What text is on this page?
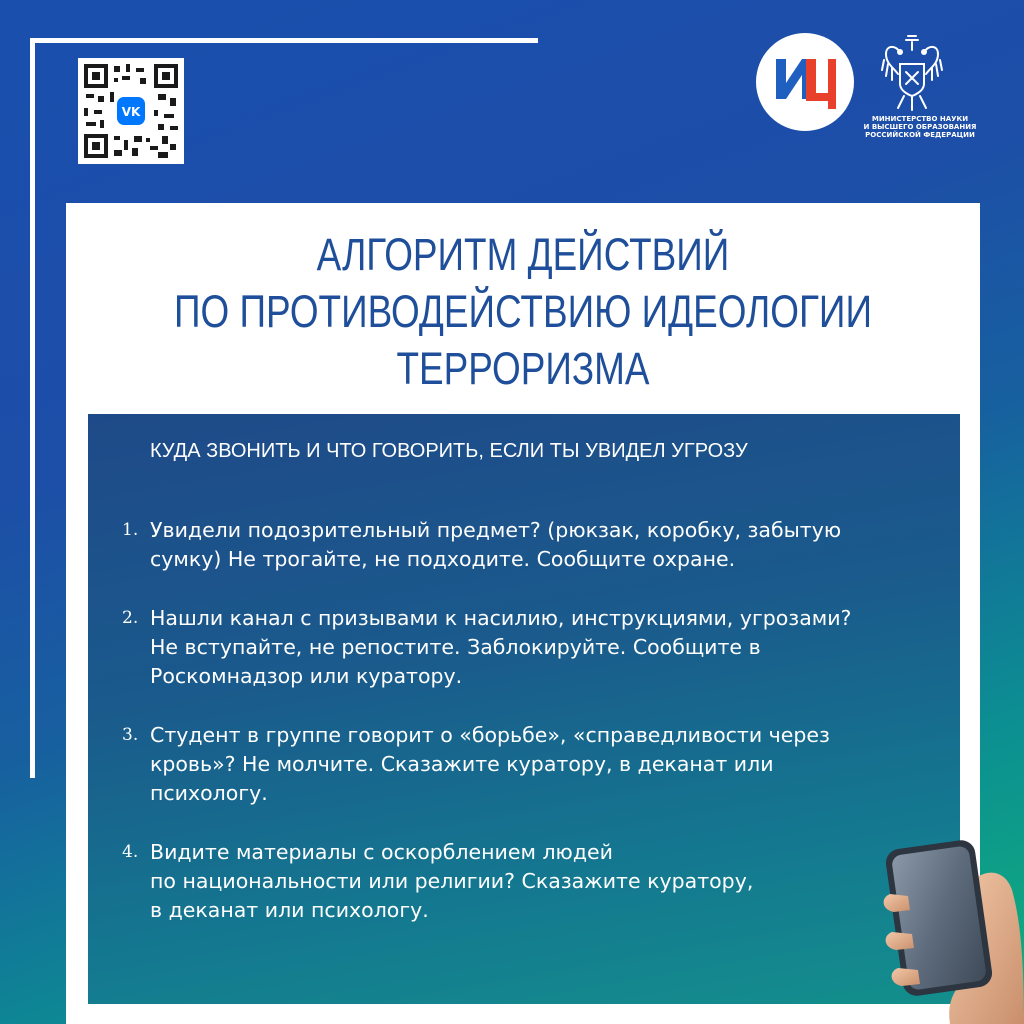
VK	МИНИСТЕРСТВО НАУКИ
И ВЫСШЕГО ОБРАЗОВАНИЯ
РОССИЙСКОЙ ФЕДЕРАЦИИ
АЛГОРИТМ ДЕЙСТВИЙ
ПО ПРОТИВОДЕЙСТВИЮ ИДЕОЛОГИИ
ТЕРРОРИЗМА
КУДА ЗВОНИТЬ И ЧТО ГОВОРИТЬ, ЕСЛИ ТЫ УВИДЕЛ УГРОЗУ
1. Увидели подозрительный предмет? (рюкзак, коробку, забытую
сумку) Не трогайте, не подходите. Сообщите охране.
2. Нашли канал с призывами к насилию, инструкциями, угрозами?
Не вступайте, не репостите. Заблокируйте. Сообщите в
Роскомнадзор или куратору.
3. Студент в группе говорит о «борьбе», «справедливости через
кровь»? Не молчите. Сказажите куратору, в деканат или
психологу.
4. Видите материалы с оскорблением людей
по национальности или религии? Сказажите куратору,
в деканат или психологу.
